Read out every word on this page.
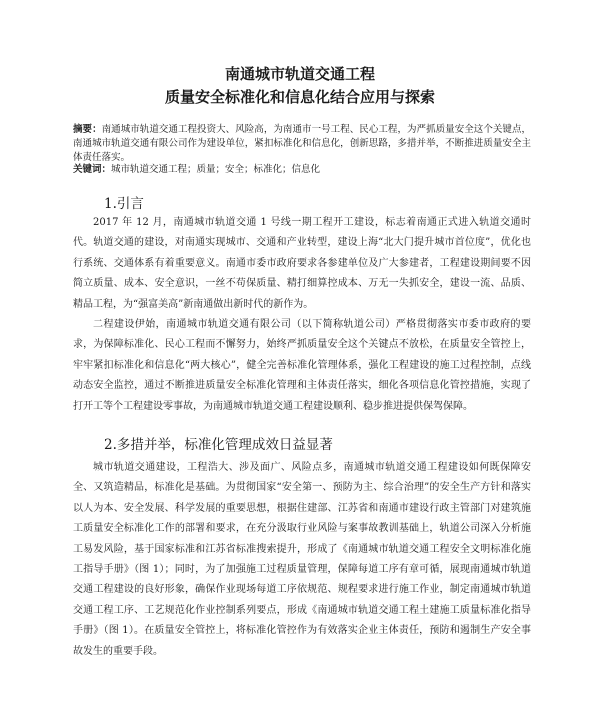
南通城市轨道交通工程
质量安全标准化和信息化结合应用与探索

摘要：南通城市轨道交通工程投资大、风险高，为南通市一号工程、民心工程，为严抓质量安全这个关键点，南通城市轨道交通有限公司作为建设单位，紧扣标准化和信息化，创新思路，多措并举，不断推进质量安全主体责任落实。

关键词：城市轨道交通工程；质量；安全；标准化；信息化

1.引言

2017 年 12 月，南通城市轨道交通 1 号线一期工程开工建设，标志着南通正式进入轨道交通时代。轨道交通的建设，对南通实现城市、交通和产业转型，建设上海“北大门提升城市首位度”，优化也行系统、交通体系有着重要意义。南通市委市政府要求各参建单位及广大参建者，工程建设期间要不因简立质量、成本、安全意识，一丝不苟保质量、精打细算控成本、万无一失抓安全，建设一流、品质、精品工程，为“强富美高”新南通做出新时代的新作为。

二程建设伊始，南通城市轨道交通有限公司（以下简称轨道公司）严格贯彻落实市委市政府的要求，为保障标准化、民心工程而不懈努力，始终严抓质量安全这个关键点不放松，在质量安全管控上，牢牢紧扣标准化和信息化“两大核心”，健全完善标准化管理体系，强化工程建设的施工过程控制，点线动态安全监控，通过不断推进质量安全标准化管理和主体责任落实，细化各项信息化管控措施，实现了打开工等个工程建设零事故，为南通城市轨道交通工程建设顺利、稳步推进提供保驾保障。

2.多措并举，标准化管理成效日益显著

城市轨道交通建设，工程浩大、涉及面广、风险点多，南通城市轨道交通工程建设如何既保障安全、又筑造精品，标准化是基础。为贯彻国家“安全第一、预防为主、综合治理”的安全生产方针和落实以人为本、安全发展、科学发展的重要思想，根据住建部、江苏省和南通市建设行政主管部门对建筑施工质量安全标准化工作的部署和要求，在充分汲取行业风险与案事故教训基础上，轨道公司深入分析施工易发风险，基于国家标准和江苏省标准搜索提升，形成了《南通城市轨道交通工程安全文明标准化施工指导手册》（图 1）；同时，为了加强施工过程质量管理，保障每道工序有章可循，展现南通城市轨道交通工程建设的良好形象，确保作业现场每道工序依规范、规程要求进行施工作业，制定南通城市轨道交通工程工序、工艺规范化作业控制系列要点，形成《南通城市轨道交通工程土建施工质量标准化指导手册》（图 1）。在质量安全管控上，将标准化管控作为有效落实企业主体责任，预防和遏制生产安全事故发生的重要手段。
